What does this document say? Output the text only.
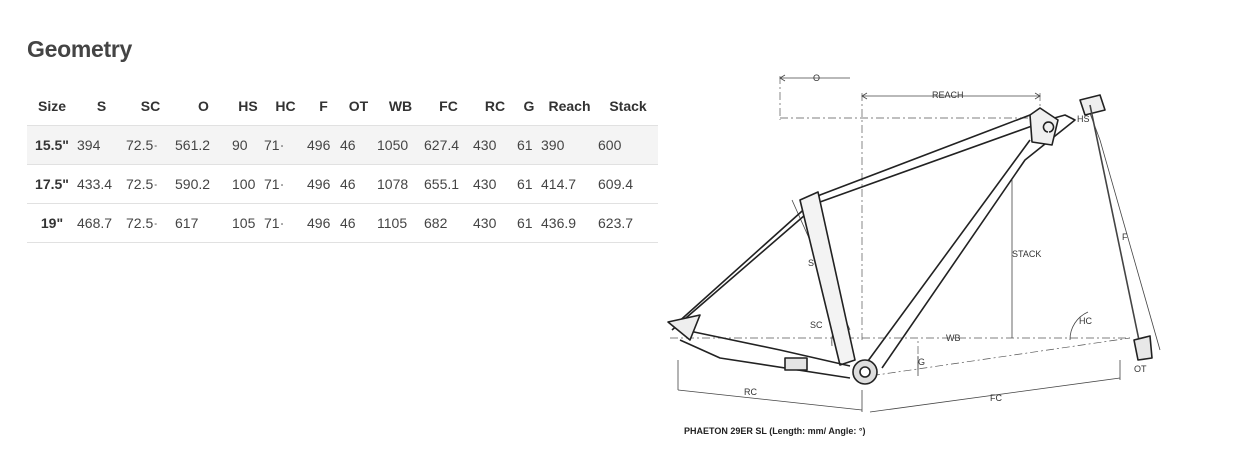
Geometry
Size	S	SC	O	HS	HC	F	OT	WB	FC	RC	G	Reach	Stack
15.5"	394	72.5°	561.2	90	71°	496	46	1050	627.4	430	61	390	600
17.5"	433.4	72.5°	590.2	100	71°	496	46	1078	655.1	430	61	414.7	609.4
19"	468.7	72.5°	617	105	71°	496	46	1105	682	430	61	436.9	623.7
O
REACH
HS
S
STACK
F
SC
WB
HC
G
OT
RC
FC

PHAETON 29ER SL (Length: mm/ Angle: °)
